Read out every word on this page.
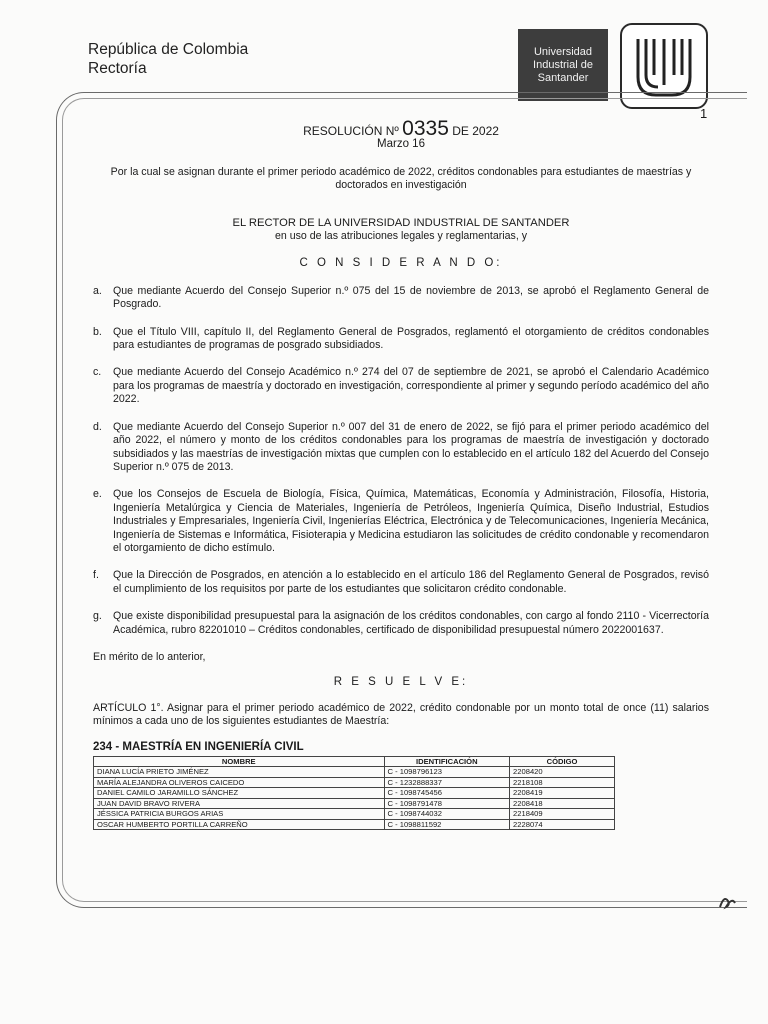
República de Colombia
Rectoría
Universidad
Industrial de
Santander
1
RESOLUCIÓN Nº 0335 DE 2022
Marzo 16
Por la cual se asignan durante el primer periodo académico de 2022, créditos condonables para estudiantes de maestrías y doctorados en investigación
EL RECTOR DE LA UNIVERSIDAD INDUSTRIAL DE SANTANDER
en uso de las atribuciones legales y reglamentarias, y
C O N S I D E R A N D O:
a. Que mediante Acuerdo del Consejo Superior n.º 075 del 15 de noviembre de 2013, se aprobó el Reglamento General de Posgrado.
b. Que el Título VIII, capítulo II, del Reglamento General de Posgrados, reglamentó el otorgamiento de créditos condonables para estudiantes de programas de posgrado subsidiados.
c. Que mediante Acuerdo del Consejo Académico n.º 274 del 07 de septiembre de 2021, se aprobó el Calendario Académico para los programas de maestría y doctorado en investigación, correspondiente al primer y segundo período académico del año 2022.
d. Que mediante Acuerdo del Consejo Superior n.º 007 del 31 de enero de 2022, se fijó para el primer periodo académico del año 2022, el número y monto de los créditos condonables para los programas de maestría de investigación y doctorado subsidiados y las maestrías de investigación mixtas que cumplen con lo establecido en el artículo 182 del Acuerdo del Consejo Superior n.º 075 de 2013.
e. Que los Consejos de Escuela de Biología, Física, Química, Matemáticas, Economía y Administración, Filosofía, Historia, Ingeniería Metalúrgica y Ciencia de Materiales, Ingeniería de Petróleos, Ingeniería Química, Diseño Industrial, Estudios Industriales y Empresariales, Ingeniería Civil, Ingenierías Eléctrica, Electrónica y de Telecomunicaciones, Ingeniería Mecánica, Ingeniería de Sistemas e Informática, Fisioterapia y Medicina estudiaron las solicitudes de crédito condonable y recomendaron el otorgamiento de dicho estímulo.
f. Que la Dirección de Posgrados, en atención a lo establecido en el artículo 186 del Reglamento General de Posgrados, revisó el cumplimiento de los requisitos por parte de los estudiantes que solicitaron crédito condonable.
g. Que existe disponibilidad presupuestal para la asignación de los créditos condonables, con cargo al fondo 2110 - Vicerrectoría Académica, rubro 82201010 – Créditos condonables, certificado de disponibilidad presupuestal número 2022001637.
En mérito de lo anterior,
R E S U E L V E:
ARTÍCULO 1°. Asignar para el primer periodo académico de 2022, crédito condonable por un monto total de once (11) salarios mínimos a cada uno de los siguientes estudiantes de Maestría:
234 - MAESTRÍA EN INGENIERÍA CIVIL
NOMBRE	IDENTIFICACIÓN	CÓDIGO
DIANA LUCÍA PRIETO JIMÉNEZ	C - 1098796123	2208420
MARÍA ALEJANDRA OLIVEROS CAICEDO	C - 1232888337	2218108
DANIEL CAMILO JARAMILLO SÁNCHEZ	C - 1098745456	2208419
JUAN DAVID BRAVO RIVERA	C - 1098791478	2208418
JÉSSICA PATRICIA BURGOS ARIAS	C - 1098744032	2218409
OSCAR HUMBERTO PORTILLA CARREÑO	C - 1098811592	2228074
